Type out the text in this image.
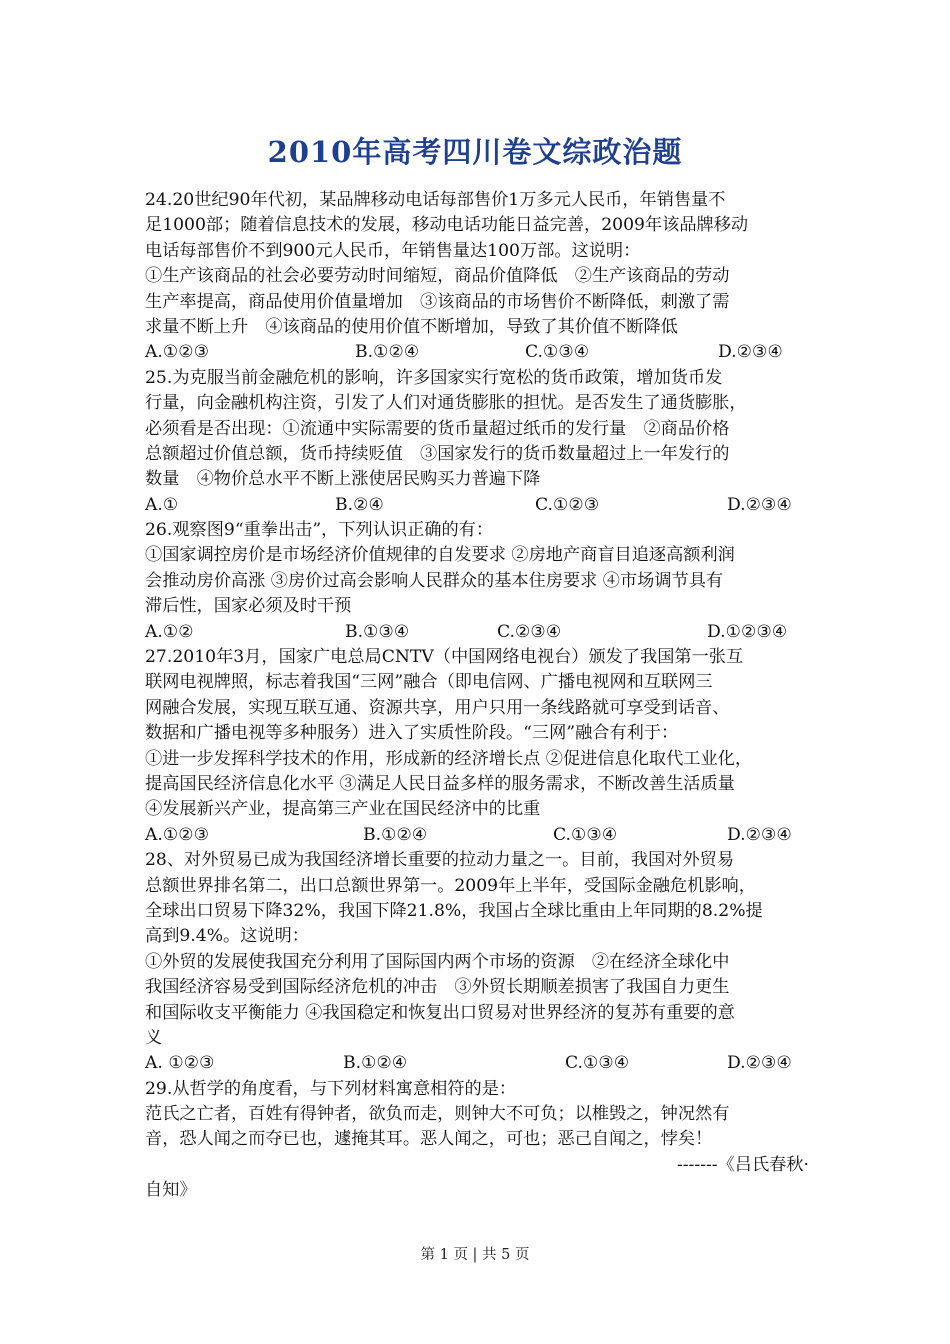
2010年高考四川卷文综政治题
24.20世纪90年代初，某品牌移动电话每部售价1万多元人民币，年销售量不
足1000部；随着信息技术的发展，移动电话功能日益完善，2009年该品牌移动
电话每部售价不到900元人民币，年销售量达100万部。这说明：
①生产该商品的社会必要劳动时间缩短，商品价值降低　②生产该商品的劳动
生产率提高，商品使用价值量增加　③该商品的市场售价不断降低，刺激了需
求量不断上升　④该商品的使用价值不断增加，导致了其价值不断降低
A.①②③	B.①②④	C.①③④	D.②③④
25.为克服当前金融危机的影响，许多国家实行宽松的货币政策，增加货币发
行量，向金融机构注资，引发了人们对通货膨胀的担忧。是否发生了通货膨胀，
必须看是否出现：①流通中实际需要的货币量超过纸币的发行量　②商品价格
总额超过价值总额，货币持续贬值　③国家发行的货币数量超过上一年发行的
数量　④物价总水平不断上涨使居民购买力普遍下降
A.①	B.②④	C.①②③	D.②③④
26.观察图9“重拳出击”，下列认识正确的有：
①国家调控房价是市场经济价值规律的自发要求 ②房地产商盲目追逐高额利润
会推动房价高涨 ③房价过高会影响人民群众的基本住房要求 ④市场调节具有
滞后性，国家必须及时干预
A.①②	B.①③④	C.②③④	D.①②③④
27.2010年3月，国家广电总局CNTV（中国网络电视台）颁发了我国第一张互
联网电视牌照，标志着我国“三网”融合（即电信网、广播电视网和互联网三
网融合发展，实现互联互通、资源共享，用户只用一条线路就可享受到话音、
数据和广播电视等多种服务）进入了实质性阶段。“三网”融合有利于：
①进一步发挥科学技术的作用，形成新的经济增长点 ②促进信息化取代工业化，
提高国民经济信息化水平 ③满足人民日益多样的服务需求，不断改善生活质量
④发展新兴产业，提高第三产业在国民经济中的比重
A.①②③	B.①②④	C.①③④	D.②③④
28、对外贸易已成为我国经济增长重要的拉动力量之一。目前，我国对外贸易
总额世界排名第二，出口总额世界第一。2009年上半年，受国际金融危机影响，
全球出口贸易下降32%，我国下降21.8%，我国占全球比重由上年同期的8.2%提
高到9.4%。这说明：
①外贸的发展使我国充分利用了国际国内两个市场的资源　②在经济全球化中
我国经济容易受到国际经济危机的冲击　③外贸长期顺差损害了我国自力更生
和国际收支平衡能力 ④我国稳定和恢复出口贸易对世界经济的复苏有重要的意
义
A. ①②③	B.①②④	C.①③④	D.②③④
29.从哲学的角度看，与下列材料寓意相符的是：
范氏之亡者，百姓有得钟者，欲负而走，则钟大不可负；以椎毁之，钟况然有
音，恐人闻之而夺已也，遽掩其耳。恶人闻之，可也；恶己自闻之，悖矣！
-------《吕氏春秋·
自知》
第 1 页 | 共 5 页
